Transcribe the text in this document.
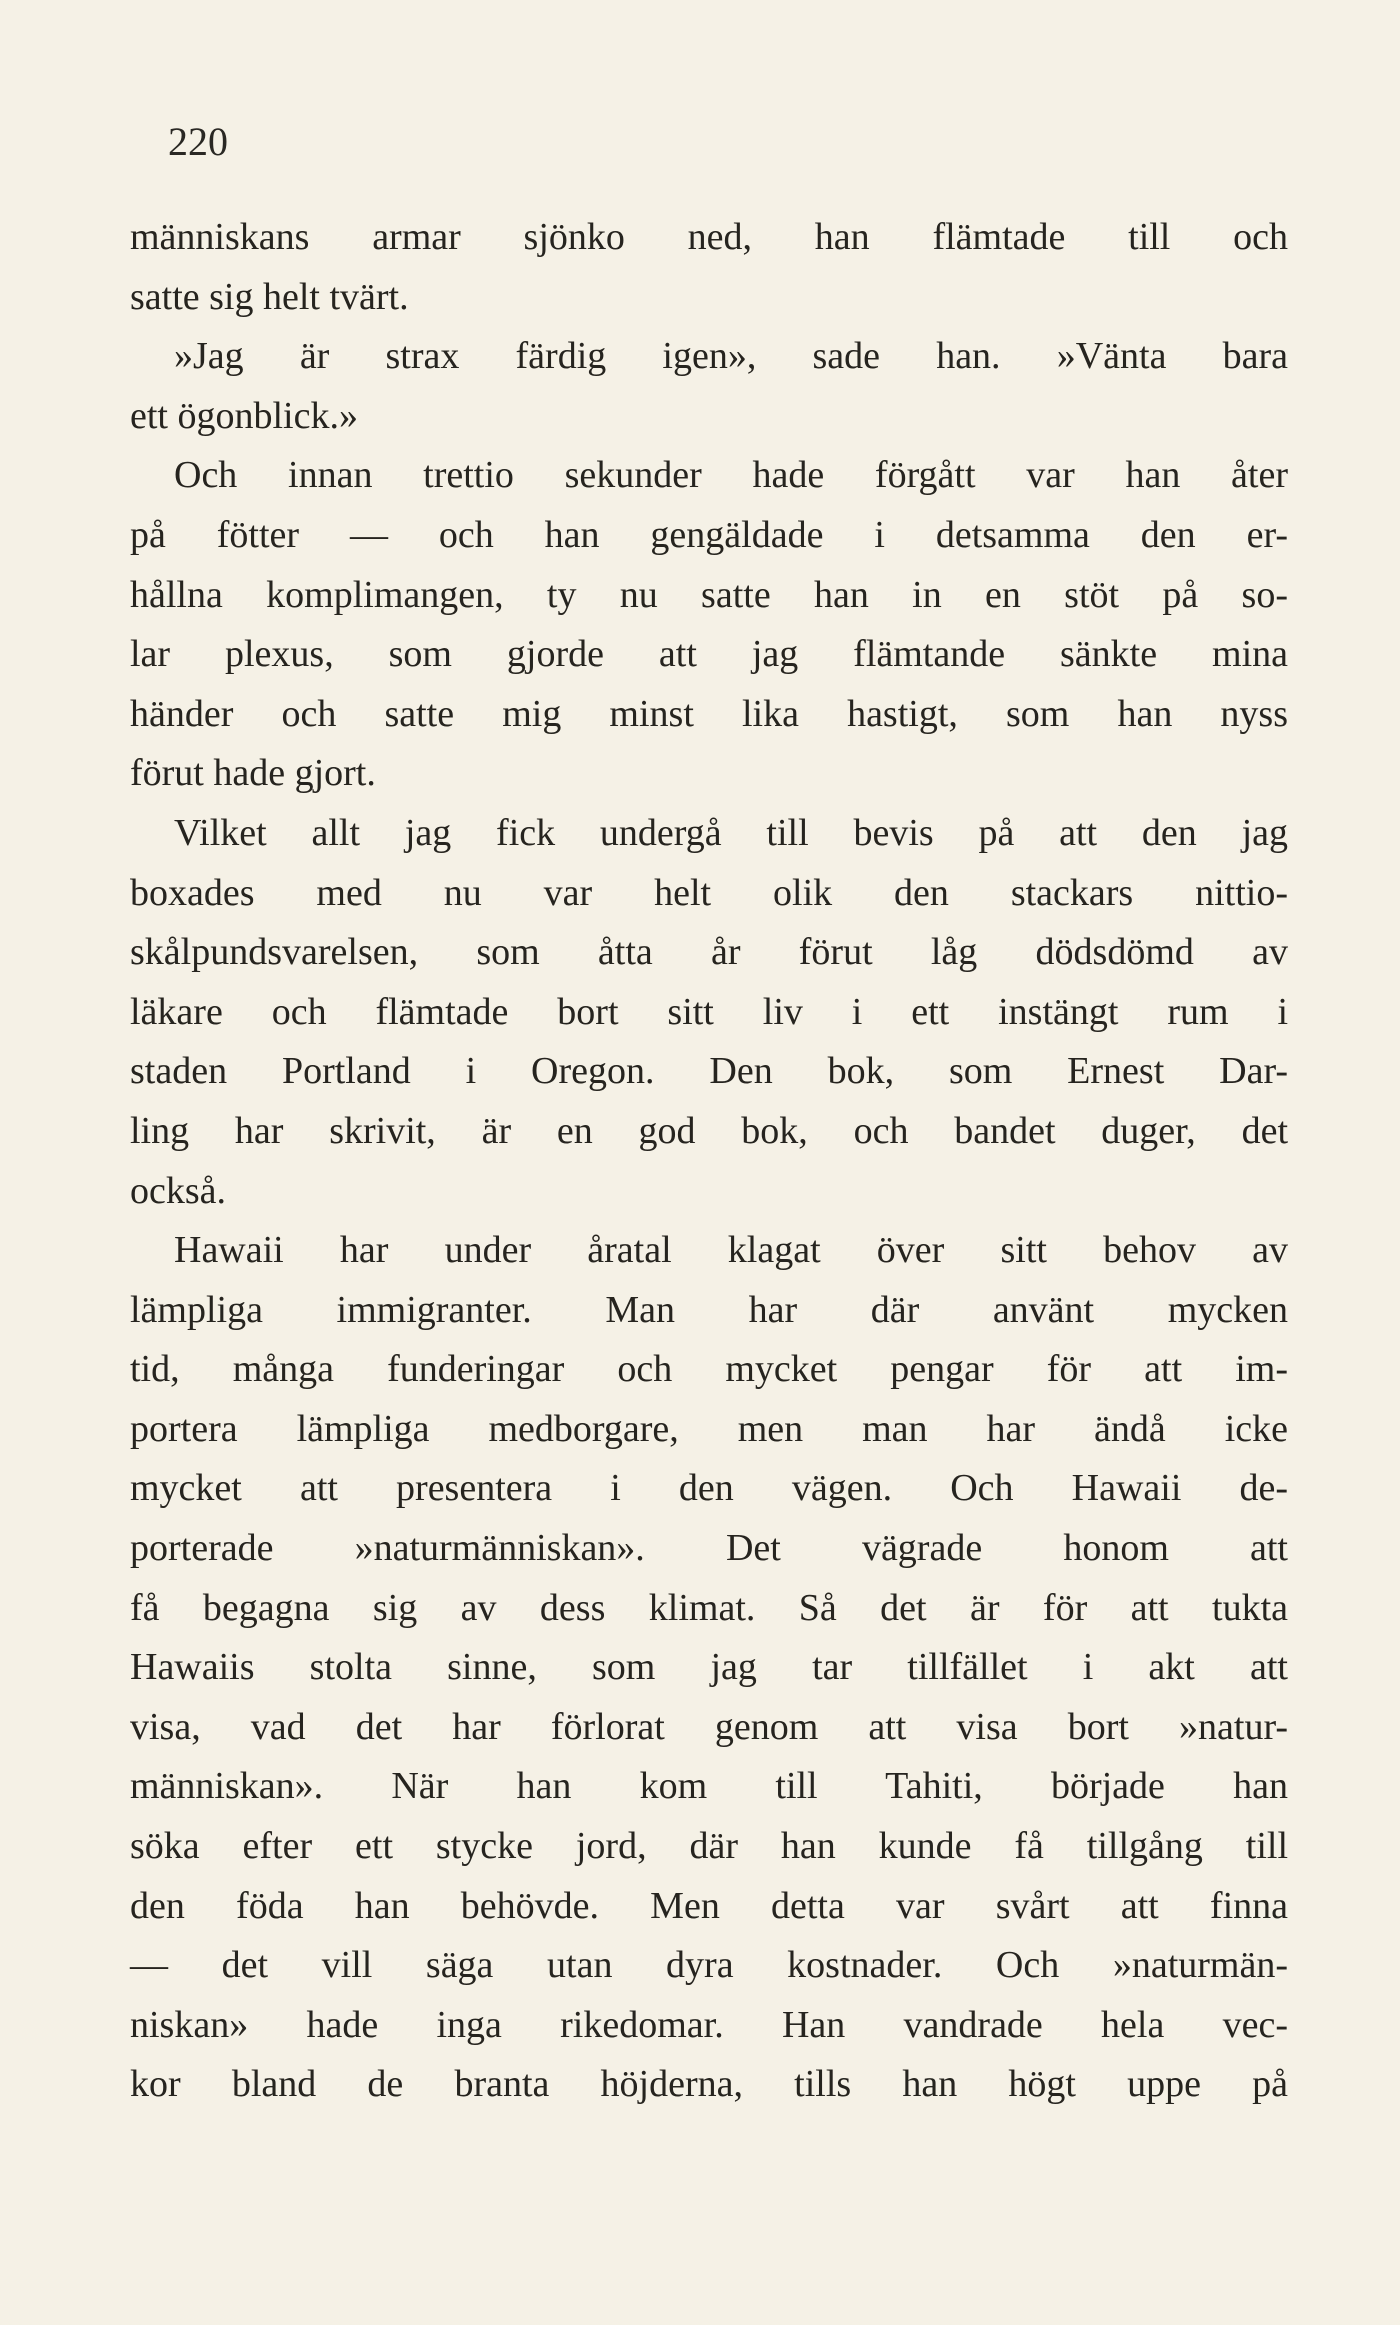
220

människans armar sjönko ned, han flämtade till och

satte sig helt tvärt.

»Jag är strax färdig igen», sade han. »Vänta bara

ett ögonblick.»

Och innan trettio sekunder hade förgått var han åter

på fötter — och han gengäldade i detsamma den er-

hållna komplimangen, ty nu satte han in en stöt på so-

lar plexus, som gjorde att jag flämtande sänkte mina

händer och satte mig minst lika hastigt, som han nyss

förut hade gjort.

Vilket allt jag fick undergå till bevis på att den jag

boxades med nu var helt olik den stackars nittio-

skålpundsvarelsen, som åtta år förut låg dödsdömd av

läkare och flämtade bort sitt liv i ett instängt rum i

staden Portland i Oregon. Den bok, som Ernest Dar-

ling har skrivit, är en god bok, och bandet duger, det

också.

Hawaii har under åratal klagat över sitt behov av

lämpliga immigranter. Man har där använt mycken

tid, många funderingar och mycket pengar för att im-

portera lämpliga medborgare, men man har ändå icke

mycket att presentera i den vägen. Och Hawaii de-

porterade »naturmänniskan». Det vägrade honom att

få begagna sig av dess klimat. Så det är för att tukta

Hawaiis stolta sinne, som jag tar tillfället i akt att

visa, vad det har förlorat genom att visa bort »natur-

människan». När han kom till Tahiti, började han

söka efter ett stycke jord, där han kunde få tillgång till

den föda han behövde. Men detta var svårt att finna

— det vill säga utan dyra kostnader. Och »naturmän-

niskan» hade inga rikedomar. Han vandrade hela vec-

kor bland de branta höjderna, tills han högt uppe på
